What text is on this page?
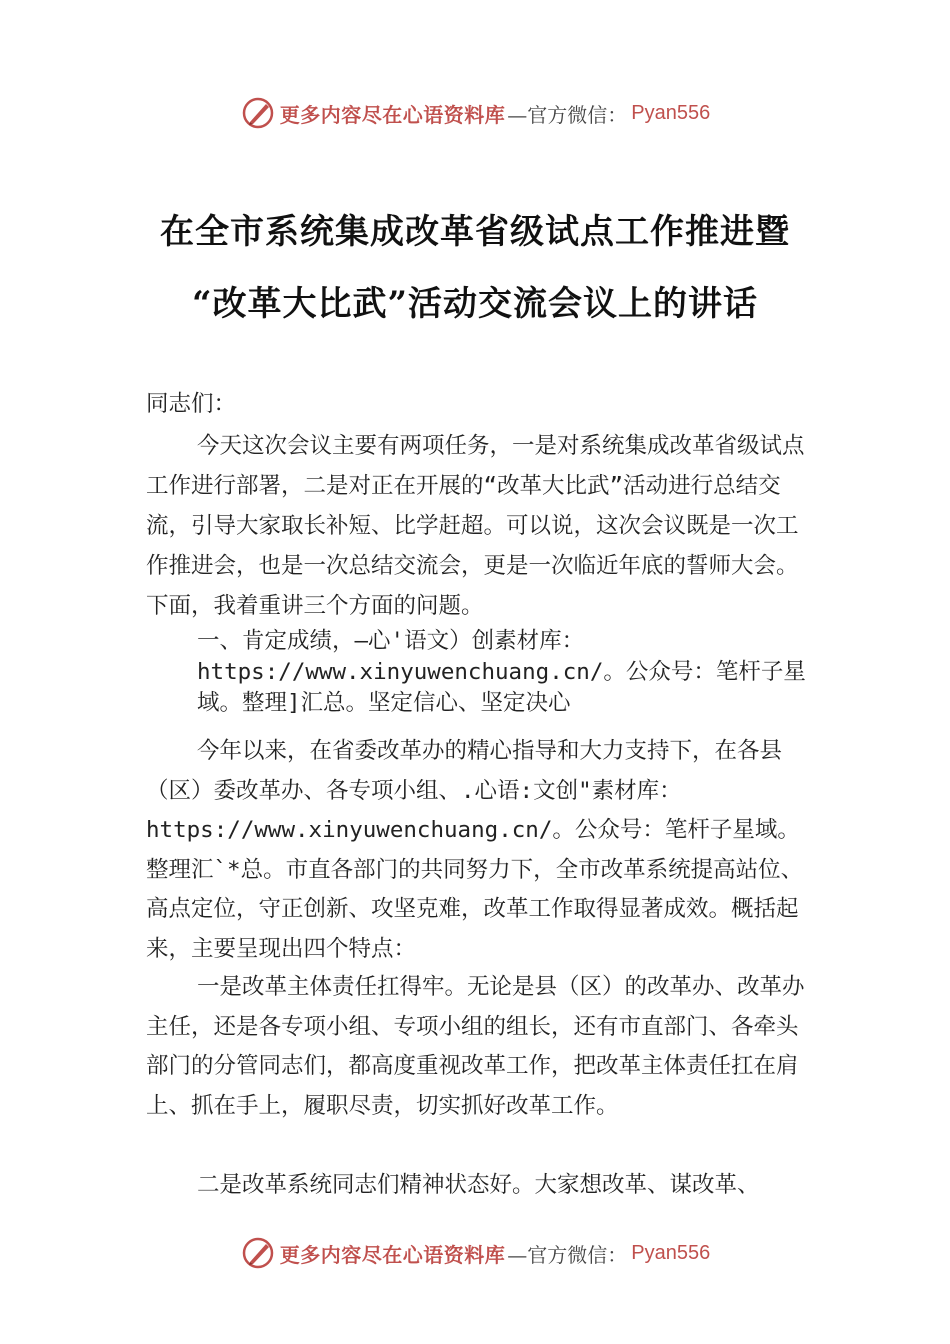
更多内容尽在心语资料库 —官方微信： Pyan556
在全市系统集成改革省级试点工作推进暨
“改革大比武”活动交流会议上的讲话
同志们：
今天这次会议主要有两项任务，一是对系统集成改革省级试点工作进行部署，二是对正在开展的“改革大比武”活动进行总结交流，引导大家取长补短、比学赶超。可以说，这次会议既是一次工作推进会，也是一次总结交流会，更是一次临近年底的誓师大会。下面，我着重讲三个方面的问题。
一、肯定成绩，—心'语文）创素材库：https://www.xinyuwenchuang.cn/。公众号：笔杆子星域。整理]汇总。坚定信心、坚定决心
今年以来，在省委改革办的精心指导和大力支持下，在各县（区）委改革办、各专项小组、.心语:文创"素材库：https://www.xinyuwenchuang.cn/。公众号：笔杆子星域。整理汇`*总。市直各部门的共同努力下，全市改革系统提高站位、高点定位，守正创新、攻坚克难，改革工作取得显著成效。概括起来，主要呈现出四个特点：
一是改革主体责任扛得牢。无论是县（区）的改革办、改革办主任，还是各专项小组、专项小组的组长，还有市直部门、各牵头部门的分管同志们，都高度重视改革工作，把改革主体责任扛在肩上、抓在手上，履职尽责，切实抓好改革工作。
二是改革系统同志们精神状态好。大家想改革、谋改革、
更多内容尽在心语资料库 —官方微信： Pyan556
